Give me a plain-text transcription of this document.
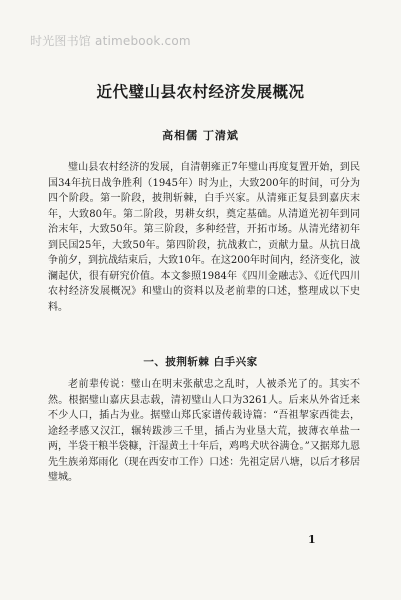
时光图书馆 atimebook.com
近代璧山县农村经济发展概况
高相儒 丁清斌

璧山县农村经济的发展，自清朝雍正7年璧山再度复置开始，到民国34年抗日战争胜利（1945年）时为止，大致200年的时间，可分为四个阶段。第一阶段，披荆斩棘，白手兴家。从清雍正复县到嘉庆末年，大致80年。第二阶段，男耕女织，奠定基础。从清道光初年到同治末年，大致50年。第三阶段，多种经营，开拓市场。从清光绪初年到民国25年，大致50年。第四阶段，抗战救亡，贡献力量。从抗日战争前夕，到抗战结束后，大致10年。在这200年时间内，经济变化，波澜起伏，很有研究价值。本文参照1984年《四川金融志》、《近代四川农村经济发展概况》和璧山的资料以及老前辈的口述，整理成以下史料。

一、披荆斩棘 白手兴家

老前辈传说：璧山在明末张献忠之乱时，人被杀光了的。其实不然。根据璧山嘉庆县志载，清初璧山人口为3261人。后来从外省迁来不少人口，插占为业。据璧山郑氏家谱传载诗篇：“吾祖挈家西徙去，途经孝感又汉江，辗转跋涉三千里，插占为业垦大荒，披薄衣单盐一两，半袋干粮半袋糠，汗湿黄土十年后，鸡鸣犬吠谷满仓。”又据郑九恩先生族弟郑雨化（现在西安市工作）口述：先祖定居八塘，以后才移居璧城。

1
